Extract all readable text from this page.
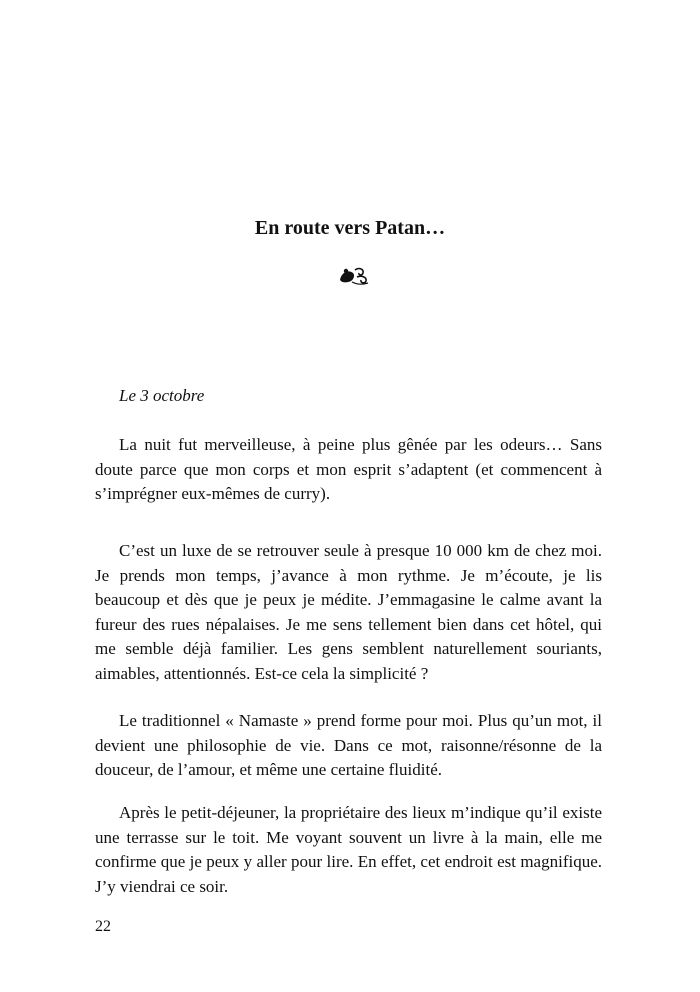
En route vers Patan…

Le 3 octobre

La nuit fut merveilleuse, à peine plus gênée par les odeurs… Sans doute parce que mon corps et mon esprit s’adaptent (et commencent à s’imprégner eux-mêmes de curry).

C’est un luxe de se retrouver seule à presque 10 000 km de chez moi. Je prends mon temps, j’avance à mon rythme. Je m’écoute, je lis beaucoup et dès que je peux je médite. J’emmagasine le calme avant la fureur des rues népalaises. Je me sens tellement bien dans cet hôtel, qui me semble déjà familier. Les gens semblent naturellement souriants, aimables, attentionnés. Est-ce cela la simplicité ?

Le traditionnel « Namaste » prend forme pour moi. Plus qu’un mot, il devient une philosophie de vie. Dans ce mot, raisonne/résonne de la douceur, de l’amour, et même une certaine fluidité.

Après le petit-déjeuner, la propriétaire des lieux m’indique qu’il existe une terrasse sur le toit. Me voyant souvent un livre à la main, elle me confirme que je peux y aller pour lire. En effet, cet endroit est magnifique. J’y viendrai ce soir.

22
